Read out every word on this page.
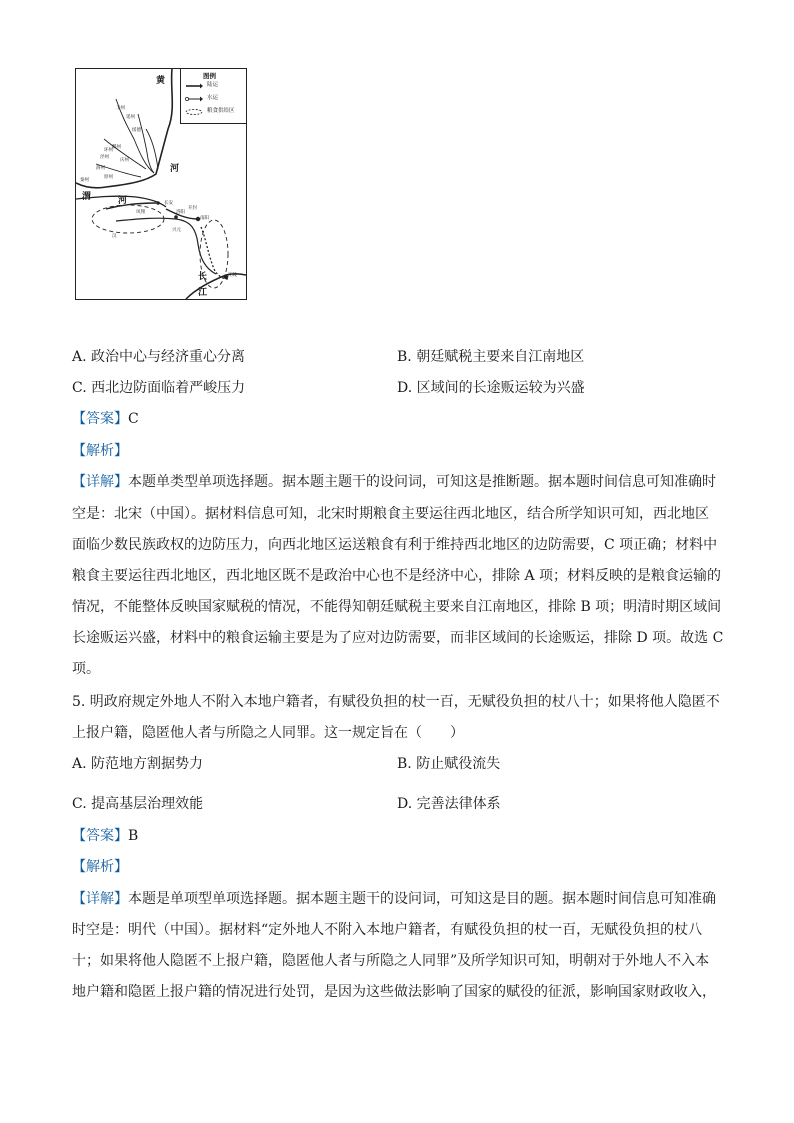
图例
陆运
水运
粮食供给区
黄
河
渭	河
长
江
长安
洛阳
开封
南阳
汉
江陵
延州
绥德
丰州
鄜州
泾州
渭州
原州
秦州
环州
庆州
凤翔
兴元
A. 政治中心与经济重心分离	B. 朝廷赋税主要来自江南地区
C. 西北边防面临着严峻压力	D. 区域间的长途贩运较为兴盛
【答案】C
【解析】
【详解】本题单类型单项选择题。据本题主题干的设问词，可知这是推断题。据本题时间信息可知准确时
空是：北宋（中国）。据材料信息可知，北宋时期粮食主要运往西北地区，结合所学知识可知，西北地区
面临少数民族政权的边防压力，向西北地区运送粮食有利于维持西北地区的边防需要，C 项正确；材料中
粮食主要运往西北地区，西北地区既不是政治中心也不是经济中心，排除 A 项；材料反映的是粮食运输的
情况，不能整体反映国家赋税的情况，不能得知朝廷赋税主要来自江南地区，排除 B 项；明清时期区域间
长途贩运兴盛，材料中的粮食运输主要是为了应对边防需要，而非区域间的长途贩运，排除 D 项。故选 C
项。
5. 明政府规定外地人不附入本地户籍者，有赋役负担的杖一百，无赋役负担的杖八十；如果将他人隐匿不
上报户籍，隐匿他人者与所隐之人同罪。这一规定旨在（　　）
A. 防范地方割据势力	B. 防止赋役流失
C. 提高基层治理效能	D. 完善法律体系
【答案】B
【解析】
【详解】本题是单项型单项选择题。据本题主题干的设问词，可知这是目的题。据本题时间信息可知准确
时空是：明代（中国）。据材料“定外地人不附入本地户籍者，有赋役负担的杖一百，无赋役负担的杖八
十；如果将他人隐匿不上报户籍，隐匿他人者与所隐之人同罪”及所学知识可知，明朝对于外地人不入本
地户籍和隐匿上报户籍的情况进行处罚，是因为这些做法影响了国家的赋役的征派，影响国家财政收入，
